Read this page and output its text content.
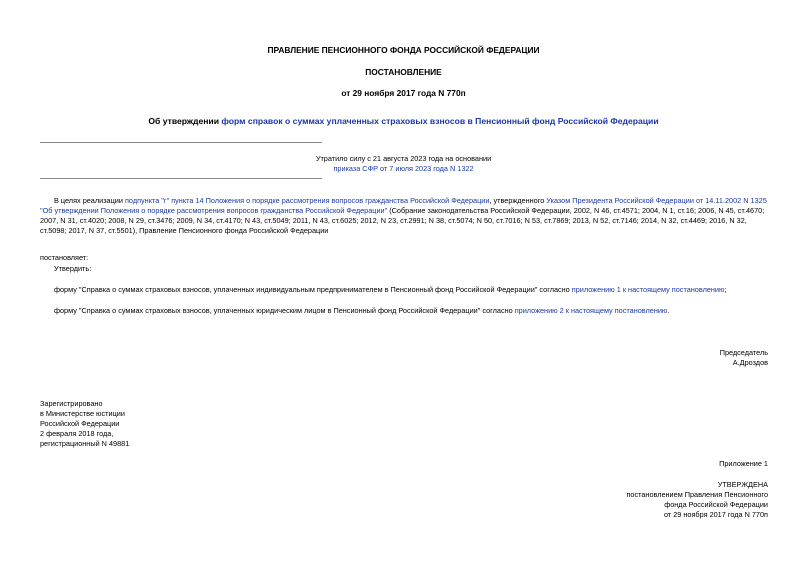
ПРАВЛЕНИЕ ПЕНСИОННОГО ФОНДА РОССИЙСКОЙ ФЕДЕРАЦИИ
ПОСТАНОВЛЕНИЕ
от 29 ноября 2017 года N 770п
Об утверждении форм справок о суммах уплаченных страховых взносов в Пенсионный фонд Российской Федерации
Утратило силу с 21 августа 2023 года на основании
приказа СФР от 7 июля 2023 года N 1322
В целях реализации подпункта "г" пункта 14 Положения о порядке рассмотрения вопросов гражданства Российской Федерации, утвержденного Указом Президента Российской Федерации от 14.11.2002 N 1325 "Об утверждении Положения о порядке рассмотрения вопросов гражданства Российской Федерации" (Собрание законодательства Российской Федерации, 2002, N 46, ст.4571; 2004, N 1, ст.16; 2006, N 45, ст.4670; 2007, N 31, ст.4020; 2008, N 29, ст.3476; 2009, N 34, ст.4170; N 43, ст.5049; 2011, N 43, ст.6025; 2012, N 23, ст.2991; N 38, ст.5074; N 50, ст.7016; N 53, ст.7869; 2013, N 52, ст.7146; 2014, N 32, ст.4469; 2016, N 32, ст.5098; 2017, N 37, ст.5501), Правление Пенсионного фонда Российской Федерации
постановляет:
Утвердить:
форму "Справка о суммах страховых взносов, уплаченных индивидуальным предпринимателем в Пенсионный фонд Российской Федерации" согласно приложению 1 к настоящему постановлению;
форму "Справка о суммах страховых взносов, уплаченных юридическим лицом в Пенсионный фонд Российской Федерации" согласно приложению 2 к настоящему постановлению.
Председатель
А.Дроздов
Зарегистрировано
в Министерстве юстиции
Российской Федерации
2 февраля 2018 года,
регистрационный N 49881
Приложение 1
УТВЕРЖДЕНА
постановлением Правления Пенсионного
фонда Российской Федерации
от 29 ноября 2017 года N 770п
